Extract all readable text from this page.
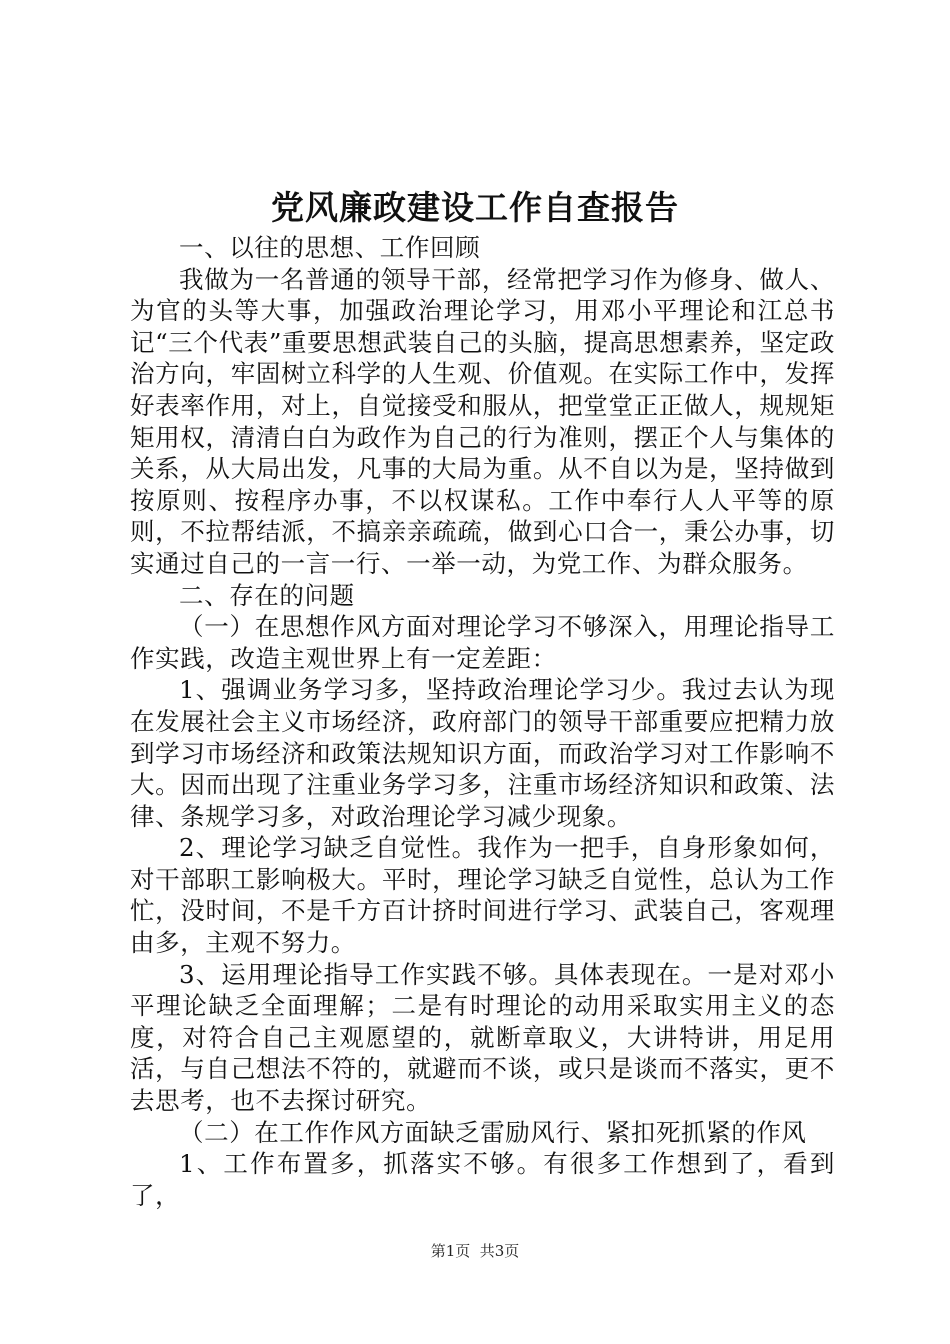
党风廉政建设工作自查报告

一、以往的思想、工作回顾

我做为一名普通的领导干部，经常把学习作为修身、做人、为官的头等大事，加强政治理论学习，用邓小平理论和江总书记“三个代表”重要思想武装自己的头脑，提高思想素养，坚定政治方向，牢固树立科学的人生观、价值观。在实际工作中，发挥好表率作用，对上，自觉接受和服从，把堂堂正正做人，规规矩矩用权，清清白白为政作为自己的行为准则，摆正个人与集体的关系，从大局出发，凡事的大局为重。从不自以为是，坚持做到按原则、按程序办事，不以权谋私。工作中奉行人人平等的原则，不拉帮结派，不搞亲亲疏疏，做到心口合一，秉公办事，切实通过自己的一言一行、一举一动，为党工作、为群众服务。

二、存在的问题

（一）在思想作风方面对理论学习不够深入，用理论指导工作实践，改造主观世界上有一定差距：

1、强调业务学习多，坚持政治理论学习少。我过去认为现在发展社会主义市场经济，政府部门的领导干部重要应把精力放到学习市场经济和政策法规知识方面，而政治学习对工作影响不大。因而出现了注重业务学习多，注重市场经济知识和政策、法律、条规学习多，对政治理论学习减少现象。

2、理论学习缺乏自觉性。我作为一把手，自身形象如何，对干部职工影响极大。平时，理论学习缺乏自觉性，总认为工作忙，没时间，不是千方百计挤时间进行学习、武装自己，客观理由多，主观不努力。

3、运用理论指导工作实践不够。具体表现在。一是对邓小平理论缺乏全面理解；二是有时理论的动用采取实用主义的态度，对符合自己主观愿望的，就断章取义，大讲特讲，用足用活，与自己想法不符的，就避而不谈，或只是谈而不落实，更不去思考，也不去探讨研究。

（二）在工作作风方面缺乏雷励风行、紧扣死抓紧的作风

1、工作布置多，抓落实不够。有很多工作想到了，看到了，

第1页  共3页
